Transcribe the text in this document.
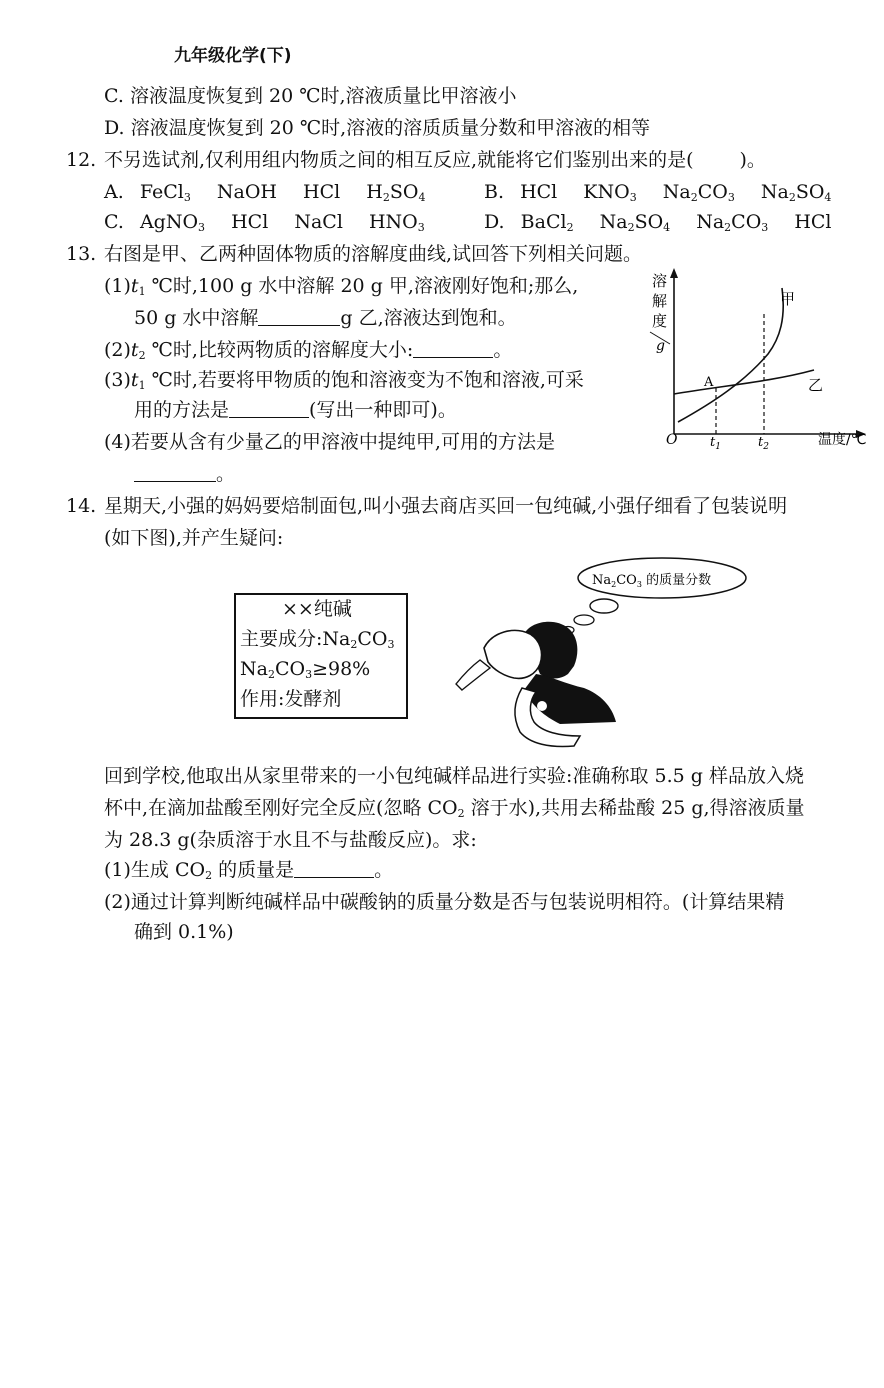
九年级化学(下)
C. 溶液温度恢复到 20 ℃时,溶液质量比甲溶液小
D. 溶液温度恢复到 20 ℃时,溶液的溶质质量分数和甲溶液的相等
12. 不另选试剂,仅利用组内物质之间的相互反应,就能将它们鉴别出来的是( )。
A. FeCl$_3$ NaOH HCl $H_2SO_4$	B. HCl $KNO_3$ $Na_2CO_3$ $Na_2SO_4$
C. AgNO$_3$ HCl NaCl $HNO_3$	D. BaCl$_2$ $Na_2SO_4$ $Na_2CO_3$ HCl
13. 右图是甲、乙两种固体物质的溶解度曲线,试回答下列相关问题。
$(1)t_1$ ℃时,100 g 水中溶解 20 g 甲,溶液刚好饱和;那么,
50 g 水中溶解	g 乙,溶液达到饱和。
$(2)t_2$ ℃时,比较两物质的溶解度大小:	。
$(3)t_1$ ℃时,若要将甲物质的饱和溶液变为不饱和溶液,可采
用的方法是	(写出一种即可)。
(4)若要从含有少量乙的甲溶液中提纯甲,可用的方法是
。
溶
解
度
g
O	$t_1$	$t_2$	温度/℃
A
甲
乙
14. 星期天,小强的妈妈要焙制面包,叫小强去商店买回一包纯碱,小强仔细看了包装说明
(如下图),并产生疑问:
××纯碱
主要成分$:Na_2CO_3$
$Na_2CO_3\ge 98\%$
作用:发酵剂
$Na_2CO_3$ 的质量分数
回到学校,他取出从家里带来的一小包纯碱样品进行实验:准确称取 5.5 g 样品放入烧
杯中,在滴加盐酸至刚好完全反应(忽略 $CO_2$ 溶于水),共用去稀盐酸 25 g,得溶液质量
为 28.3 g(杂质溶于水且不与盐酸反应)。求:
(1)生成 $CO_2$ 的质量是	。
(2)通过计算判断纯碱样品中碳酸钠的质量分数是否与包装说明相符。(计算结果精
确到 0.1%)
